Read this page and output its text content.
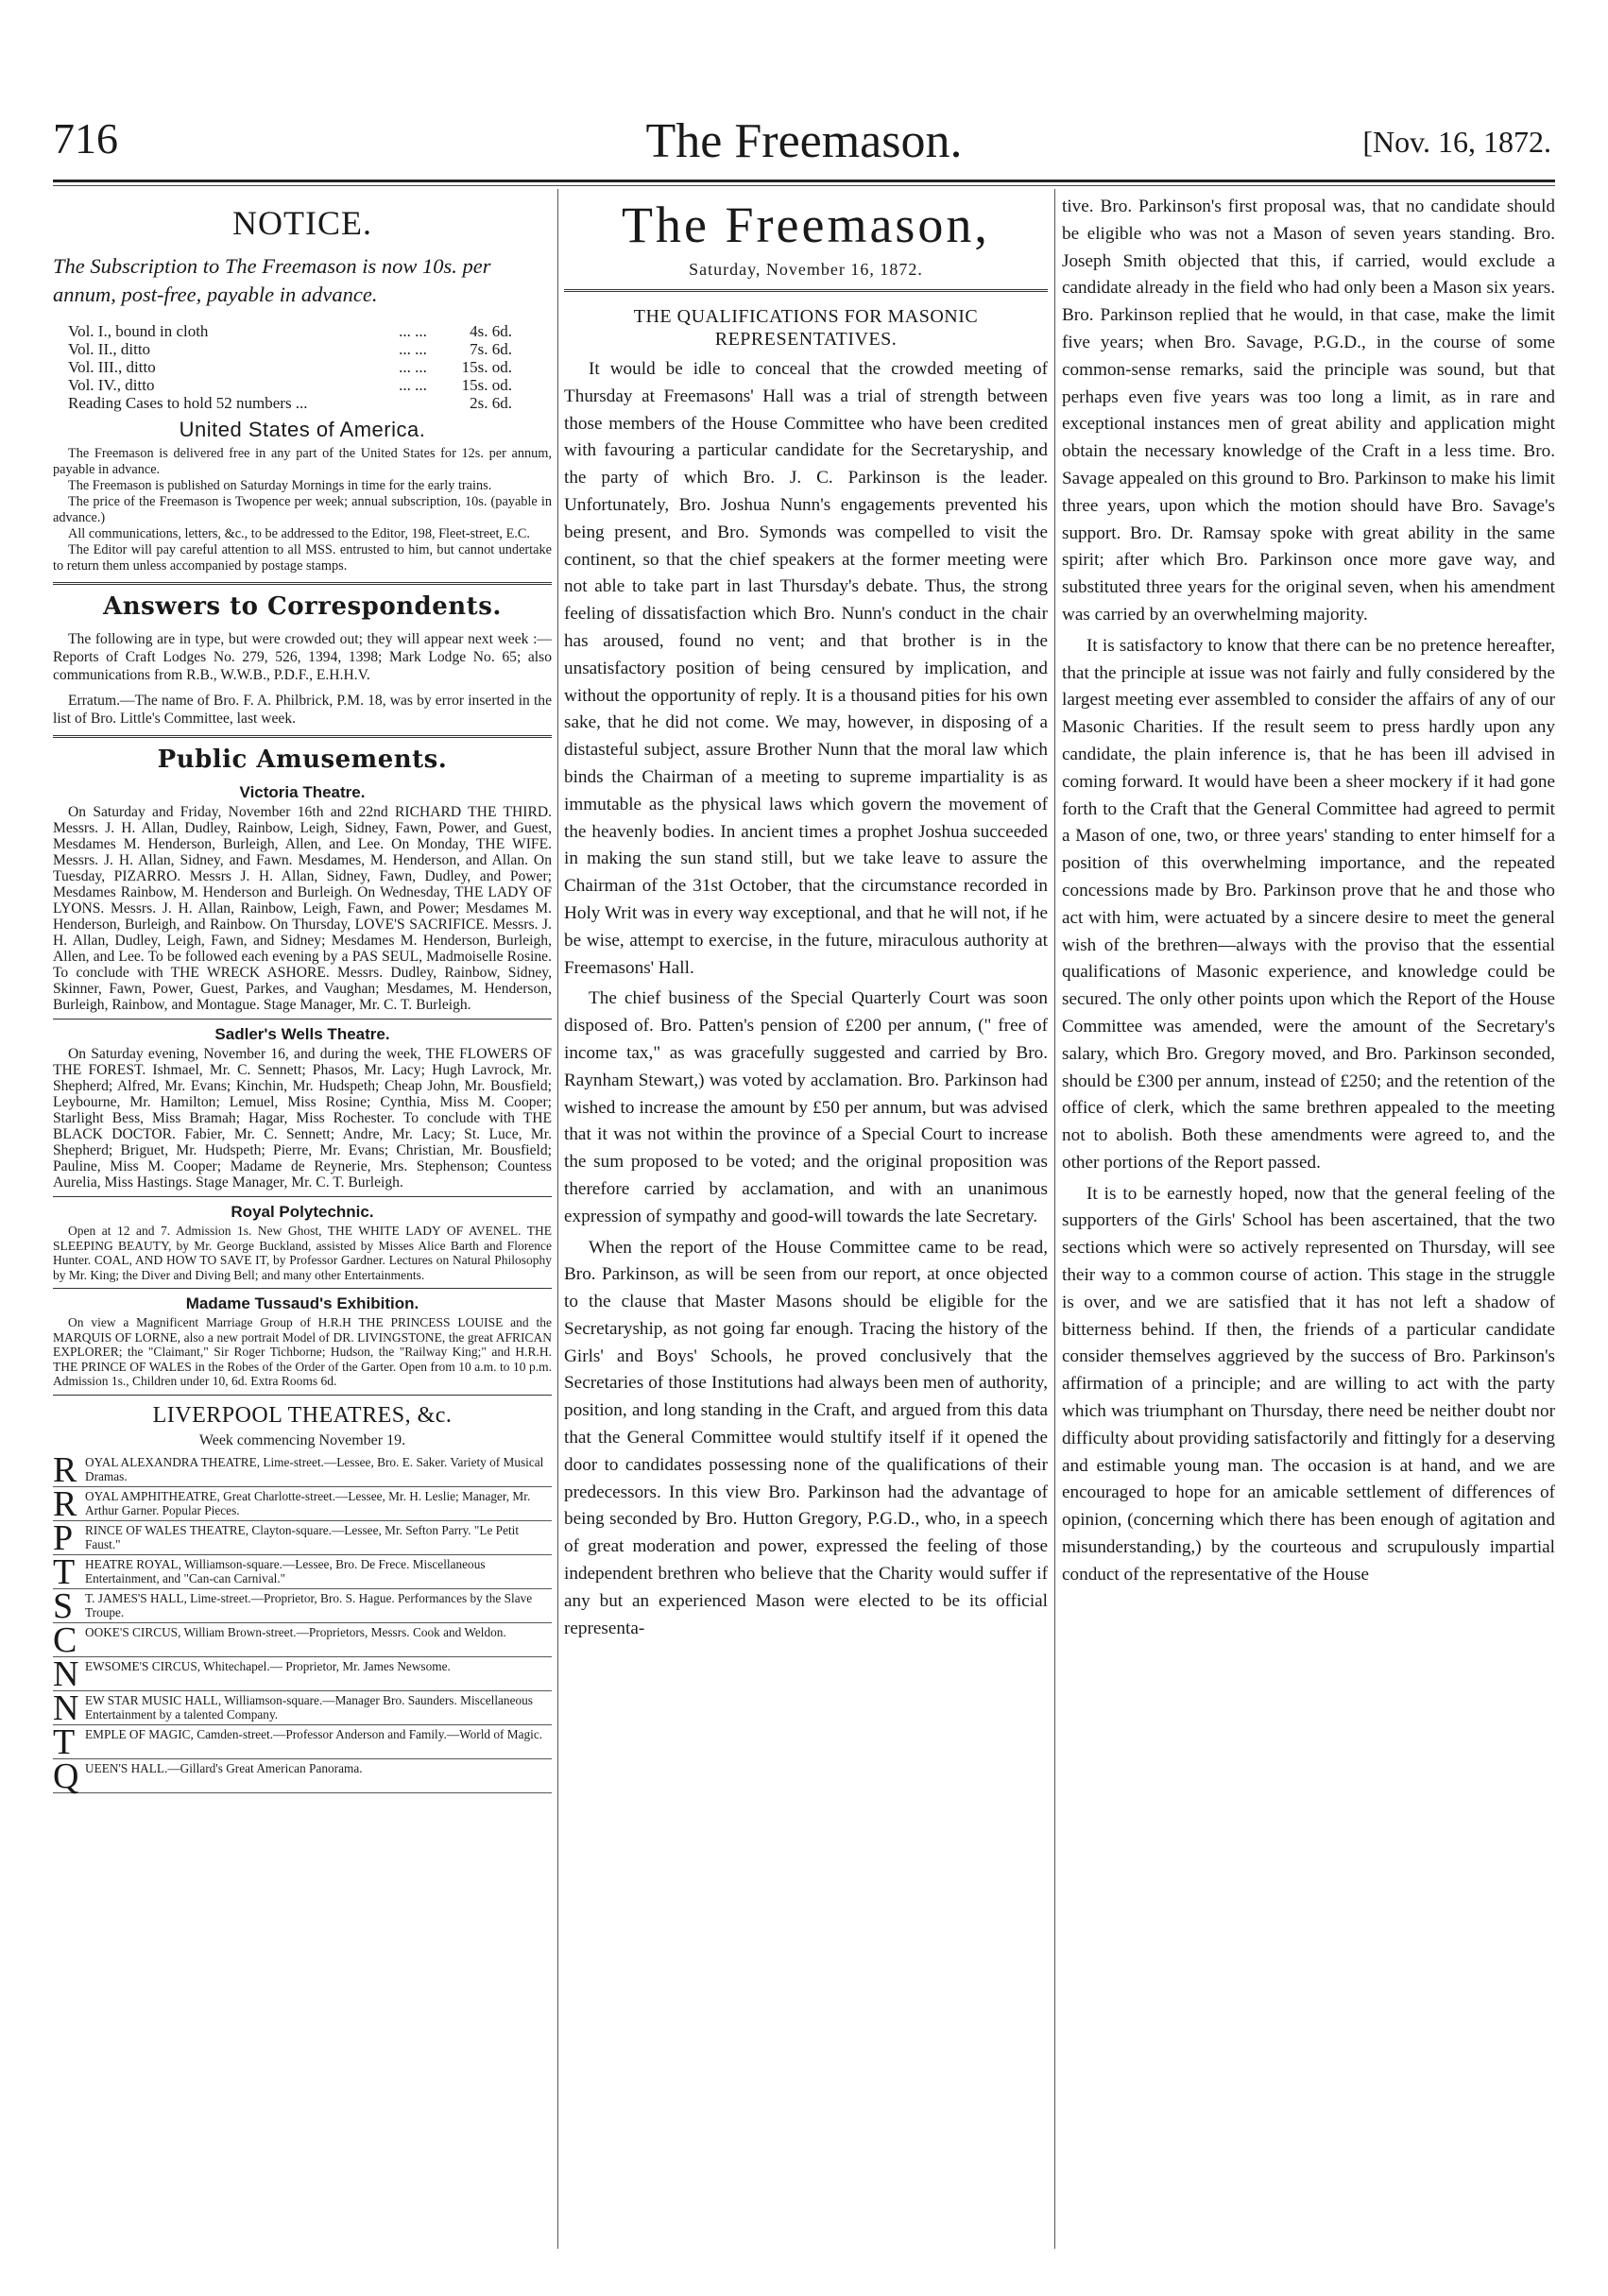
The Freemason.
716	[Nov. 16, 1872.
NOTICE.

The Subscription to The Freemason is now 10s. per annum, post-free, payable in advance.

Vol. I., bound in cloth	... ...	4s. 6d.
Vol. II., ditto	... ...	7s. 6d.
Vol. III., ditto	... ...	15s. od.
Vol. IV., ditto	... ...	15s. od.
Reading Cases to hold 52 numbers ...		2s. 6d.
United States of America.

The Freemason is delivered free in any part of the United States for 12s. per annum, payable in advance.

The Freemason is published on Saturday Mornings in time for the early trains.

The price of the Freemason is Twopence per week; annual subscription, 10s. (payable in advance.)

All communications, letters, &c., to be addressed to the Editor, 198, Fleet-street, E.C.

The Editor will pay careful attention to all MSS. entrusted to him, but cannot undertake to return them unless accompanied by postage stamps.

Answers to Correspondents.

The following are in type, but were crowded out; they will appear next week :—Reports of Craft Lodges No. 279, 526, 1394, 1398; Mark Lodge No. 65; also communications from R.B., W.W.B., P.D.F., E.H.H.V.

Erratum.—The name of Bro. F. A. Philbrick, P.M. 18, was by error inserted in the list of Bro. Little's Committee, last week.

Public Amusements.
Victoria Theatre.

On Saturday and Friday, November 16th and 22nd RICHARD THE THIRD. Messrs. J. H. Allan, Dudley, Rainbow, Leigh, Sidney, Fawn, Power, and Guest, Mesdames M. Henderson, Burleigh, Allen, and Lee. On Monday, THE WIFE. Messrs. J. H. Allan, Sidney, and Fawn. Mesdames, M. Henderson, and Allan. On Tuesday, PIZARRO. Messrs J. H. Allan, Sidney, Fawn, Dudley, and Power; Mesdames Rainbow, M. Henderson and Burleigh. On Wednesday, THE LADY OF LYONS. Messrs. J. H. Allan, Rainbow, Leigh, Fawn, and Power; Mesdames M. Henderson, Burleigh, and Rainbow. On Thursday, LOVE'S SACRIFICE. Messrs. J. H. Allan, Dudley, Leigh, Fawn, and Sidney; Mesdames M. Henderson, Burleigh, Allen, and Lee. To be followed each evening by a PAS SEUL, Madmoiselle Rosine. To conclude with THE WRECK ASHORE. Messrs. Dudley, Rainbow, Sidney, Skinner, Fawn, Power, Guest, Parkes, and Vaughan; Mesdames, M. Henderson, Burleigh, Rainbow, and Montague. Stage Manager, Mr. C. T. Burleigh.

Sadler's Wells Theatre.

On Saturday evening, November 16, and during the week, THE FLOWERS OF THE FOREST. Ishmael, Mr. C. Sennett; Phasos, Mr. Lacy; Hugh Lavrock, Mr. Shepherd; Alfred, Mr. Evans; Kinchin, Mr. Hudspeth; Cheap John, Mr. Bousfield; Leybourne, Mr. Hamilton; Lemuel, Miss Rosine; Cynthia, Miss M. Cooper; Starlight Bess, Miss Bramah; Hagar, Miss Rochester. To conclude with THE BLACK DOCTOR. Fabier, Mr. C. Sennett; Andre, Mr. Lacy; St. Luce, Mr. Shepherd; Briguet, Mr. Hudspeth; Pierre, Mr. Evans; Christian, Mr. Bousfield; Pauline, Miss M. Cooper; Madame de Reynerie, Mrs. Stephenson; Countess Aurelia, Miss Hastings. Stage Manager, Mr. C. T. Burleigh.

Royal Polytechnic.

Open at 12 and 7. Admission 1s. New Ghost, THE WHITE LADY OF AVENEL. THE SLEEPING BEAUTY, by Mr. George Buckland, assisted by Misses Alice Barth and Florence Hunter. COAL, AND HOW TO SAVE IT, by Professor Gardner. Lectures on Natural Philosophy by Mr. King; the Diver and Diving Bell; and many other Entertainments.

Madame Tussaud's Exhibition.

On view a Magnificent Marriage Group of H.R.H THE PRINCESS LOUISE and the MARQUIS OF LORNE, also a new portrait Model of DR. LIVINGSTONE, the great AFRICAN EXPLORER; the "Claimant," Sir Roger Tichborne; Hudson, the "Railway King;" and H.R.H. THE PRINCE OF WALES in the Robes of the Order of the Garter. Open from 10 a.m. to 10 p.m. Admission 1s., Children under 10, 6d. Extra Rooms 6d.

LIVERPOOL THEATRES, &c.
Week commencing November 19.

R OYAL ALEXANDRA THEATRE, Lime-street.—Lessee, Bro. E. Saker. Variety of Musical Dramas.

R OYAL AMPHITHEATRE, Great Charlotte-street.—Lessee, Mr. H. Leslie; Manager, Mr. Arthur Garner. Popular Pieces.

P RINCE OF WALES THEATRE, Clayton-square.—Lessee, Mr. Sefton Parry. "Le Petit Faust."

T HEATRE ROYAL, Williamson-square.—Lessee, Bro. De Frece. Miscellaneous Entertainment, and "Can-can Carnival."

S T. JAMES'S HALL, Lime-street.—Proprietor, Bro. S. Hague. Performances by the Slave Troupe.

C OOKE'S CIRCUS, William Brown-street.—Proprietors, Messrs. Cook and Weldon.

N EWSOME'S CIRCUS, Whitechapel.— Proprietor, Mr. James Newsome.

N EW STAR MUSIC HALL, Williamson-square.—Manager Bro. Saunders. Miscellaneous Entertainment by a talented Company.

T EMPLE OF MAGIC, Camden-street.—Professor Anderson and Family.—World of Magic.

Q UEEN'S HALL.—Gillard's Great American Panorama.

The Freemason,
Saturday, November 16, 1872.
THE QUALIFICATIONS FOR MASONIC REPRESENTATIVES.

It would be idle to conceal that the crowded meeting of Thursday at Freemasons' Hall was a trial of strength between those members of the House Committee who have been credited with favouring a particular candidate for the Secretaryship, and the party of which Bro. J. C. Parkinson is the leader. Unfortunately, Bro. Joshua Nunn's engagements prevented his being present, and Bro. Symonds was compelled to visit the continent, so that the chief speakers at the former meeting were not able to take part in last Thursday's debate. Thus, the strong feeling of dissatisfaction which Bro. Nunn's conduct in the chair has aroused, found no vent; and that brother is in the unsatisfactory position of being censured by implication, and without the opportunity of reply. It is a thousand pities for his own sake, that he did not come. We may, however, in disposing of a distasteful subject, assure Brother Nunn that the moral law which binds the Chairman of a meeting to supreme impartiality is as immutable as the physical laws which govern the movement of the heavenly bodies. In ancient times a prophet Joshua succeeded in making the sun stand still, but we take leave to assure the Chairman of the 31st October, that the circumstance recorded in Holy Writ was in every way exceptional, and that he will not, if he be wise, attempt to exercise, in the future, miraculous authority at Freemasons' Hall.

The chief business of the Special Quarterly Court was soon disposed of. Bro. Patten's pension of £200 per annum, (" free of income tax," as was gracefully suggested and carried by Bro. Raynham Stewart,) was voted by acclamation. Bro. Parkinson had wished to increase the amount by £50 per annum, but was advised that it was not within the province of a Special Court to increase the sum proposed to be voted; and the original proposition was therefore carried by acclamation, and with an unanimous expression of sympathy and good-will towards the late Secretary.

When the report of the House Committee came to be read, Bro. Parkinson, as will be seen from our report, at once objected to the clause that Master Masons should be eligible for the Secretaryship, as not going far enough. Tracing the history of the Girls' and Boys' Schools, he proved conclusively that the Secretaries of those Institutions had always been men of authority, position, and long standing in the Craft, and argued from this data that the General Committee would stultify itself if it opened the door to candidates possessing none of the qualifications of their predecessors. In this view Bro. Parkinson had the advantage of being seconded by Bro. Hutton Gregory, P.G.D., who, in a speech of great moderation and power, expressed the feeling of those independent brethren who believe that the Charity would suffer if any but an experienced Mason were elected to be its official representa-

tive. Bro. Parkinson's first proposal was, that no candidate should be eligible who was not a Mason of seven years standing. Bro. Joseph Smith objected that this, if carried, would exclude a candidate already in the field who had only been a Mason six years. Bro. Parkinson replied that he would, in that case, make the limit five years; when Bro. Savage, P.G.D., in the course of some common-sense remarks, said the principle was sound, but that perhaps even five years was too long a limit, as in rare and exceptional instances men of great ability and application might obtain the necessary knowledge of the Craft in a less time. Bro. Savage appealed on this ground to Bro. Parkinson to make his limit three years, upon which the motion should have Bro. Savage's support. Bro. Dr. Ramsay spoke with great ability in the same spirit; after which Bro. Parkinson once more gave way, and substituted three years for the original seven, when his amendment was carried by an overwhelming majority.

It is satisfactory to know that there can be no pretence hereafter, that the principle at issue was not fairly and fully considered by the largest meeting ever assembled to consider the affairs of any of our Masonic Charities. If the result seem to press hardly upon any candidate, the plain inference is, that he has been ill advised in coming forward. It would have been a sheer mockery if it had gone forth to the Craft that the General Committee had agreed to permit a Mason of one, two, or three years' standing to enter himself for a position of this overwhelming importance, and the repeated concessions made by Bro. Parkinson prove that he and those who act with him, were actuated by a sincere desire to meet the general wish of the brethren—always with the proviso that the essential qualifications of Masonic experience, and knowledge could be secured. The only other points upon which the Report of the House Committee was amended, were the amount of the Secretary's salary, which Bro. Gregory moved, and Bro. Parkinson seconded, should be £300 per annum, instead of £250; and the retention of the office of clerk, which the same brethren appealed to the meeting not to abolish. Both these amendments were agreed to, and the other portions of the Report passed.

It is to be earnestly hoped, now that the general feeling of the supporters of the Girls' School has been ascertained, that the two sections which were so actively represented on Thursday, will see their way to a common course of action. This stage in the struggle is over, and we are satisfied that it has not left a shadow of bitterness behind. If then, the friends of a particular candidate consider themselves aggrieved by the success of Bro. Parkinson's affirmation of a principle; and are willing to act with the party which was triumphant on Thursday, there need be neither doubt nor difficulty about providing satisfactorily and fittingly for a deserving and estimable young man. The occasion is at hand, and we are encouraged to hope for an amicable settlement of differences of opinion, (concerning which there has been enough of agitation and misunderstanding,) by the courteous and scrupulously impartial conduct of the representative of the House
